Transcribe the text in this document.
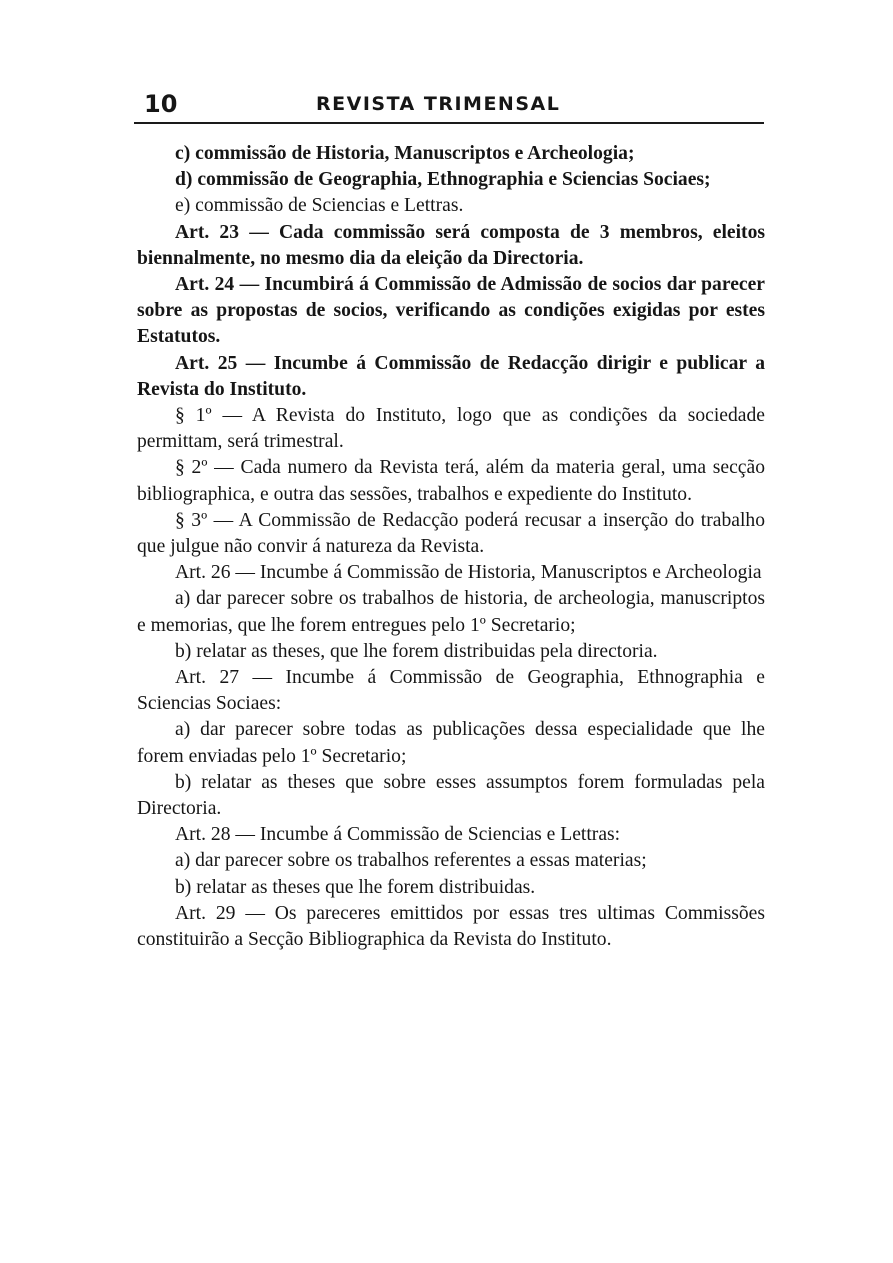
10	REVISTA TRIMENSAL

c) commissão de Historia, Manuscriptos e Archeologia;

d) commissão de Geographia, Ethnographia e Sciencias Sociaes;

e) commissão de Sciencias e Lettras.

Art. 23 — Cada commissão será composta de 3 membros, eleitos biennalmente, no mesmo dia da eleição da Directoria.

Art. 24 — Incumbirá á Commissão de Admissão de socios dar parecer sobre as propostas de socios, verificando as condições exigidas por estes Estatutos.

Art. 25 — Incumbe á Commissão de Redacção dirigir e publicar a Revista do Instituto.

§ 1º — A Revista do Instituto, logo que as condições da sociedade permittam, será trimestral.

§ 2º — Cada numero da Revista terá, além da materia geral, uma secção bibliographica, e outra das sessões, trabalhos e expediente do Instituto.

§ 3º — A Commissão de Redacção poderá recusar a inserção do trabalho que julgue não convir á natureza da Revista.

Art. 26 — Incumbe á Commissão de Historia, Manuscriptos e Archeologia

a) dar parecer sobre os trabalhos de historia, de archeologia, manuscriptos e memorias, que lhe forem entregues pelo 1º Secretario;

b) relatar as theses, que lhe forem distribuidas pela directoria.

Art. 27 — Incumbe á Commissão de Geographia, Ethnographia e Sciencias Sociaes:

a) dar parecer sobre todas as publicações dessa especialidade que lhe forem enviadas pelo 1º Secretario;

b) relatar as theses que sobre esses assumptos forem formuladas pela Directoria.

Art. 28 — Incumbe á Commissão de Sciencias e Lettras:

a) dar parecer sobre os trabalhos referentes a essas materias;

b) relatar as theses que lhe forem distribuidas.

Art. 29 — Os pareceres emittidos por essas tres ultimas Commissões constituirão a Secção Bibliographica da Revista do Instituto.
